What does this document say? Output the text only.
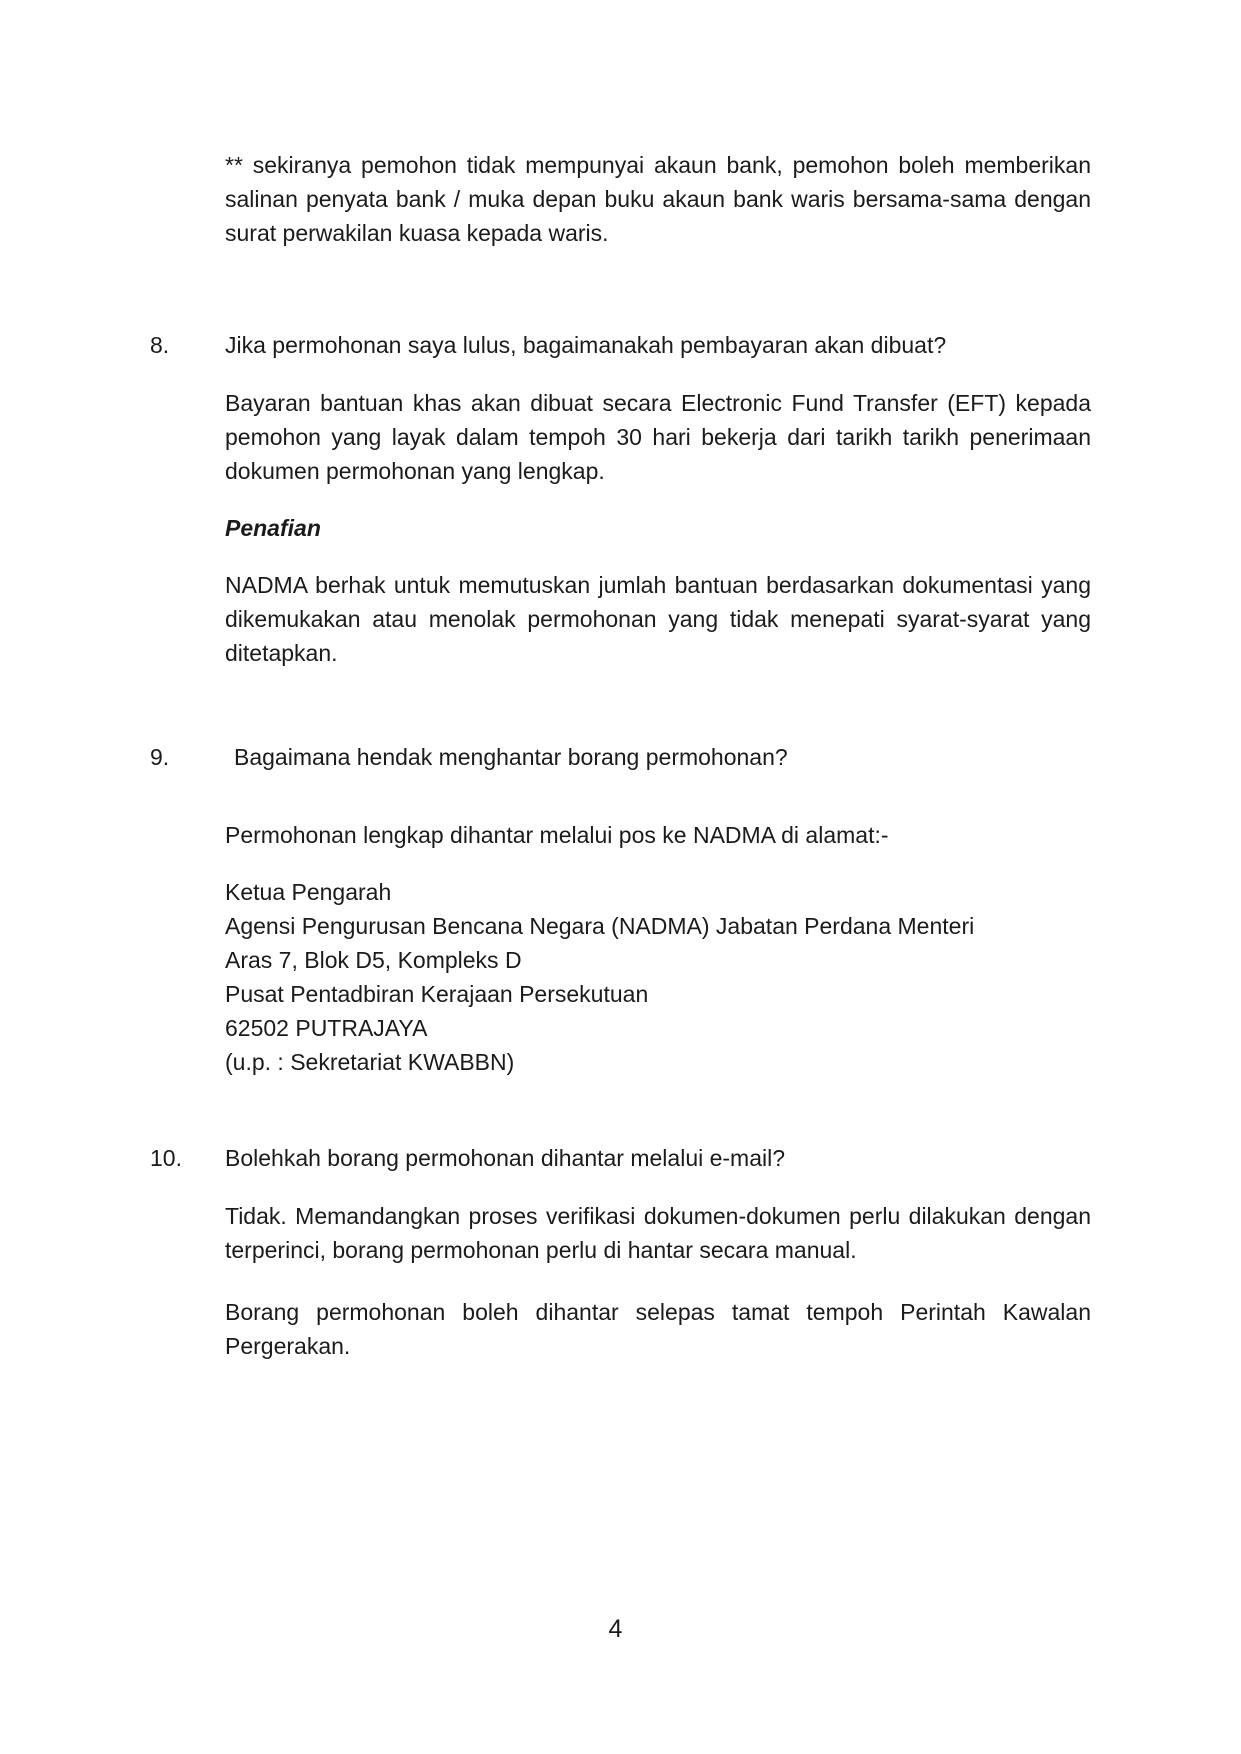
** sekiranya pemohon tidak mempunyai akaun bank, pemohon boleh memberikan salinan penyata bank / muka depan buku akaun bank waris bersama-sama dengan surat perwakilan kuasa kepada waris.

8.	Jika permohonan saya lulus, bagaimanakah pembayaran akan dibuat?

Bayaran bantuan khas akan dibuat secara Electronic Fund Transfer (EFT) kepada pemohon yang layak dalam tempoh 30 hari bekerja dari tarikh tarikh penerimaan dokumen permohonan yang lengkap.

Penafian

NADMA berhak untuk memutuskan jumlah bantuan berdasarkan dokumentasi yang dikemukakan atau menolak permohonan yang tidak menepati syarat-syarat yang ditetapkan.

9.	Bagaimana hendak menghantar borang permohonan?

Permohonan lengkap dihantar melalui pos ke NADMA di alamat:-

Ketua Pengarah
Agensi Pengurusan Bencana Negara (NADMA) Jabatan Perdana Menteri
Aras 7, Blok D5, Kompleks D
Pusat Pentadbiran Kerajaan Persekutuan
62502 PUTRAJAYA
(u.p. : Sekretariat KWABBN)
10.	Bolehkah borang permohonan dihantar melalui e-mail?

Tidak. Memandangkan proses verifikasi dokumen-dokumen perlu dilakukan dengan terperinci, borang permohonan perlu di hantar secara manual.

Borang permohonan boleh dihantar selepas tamat tempoh Perintah Kawalan Pergerakan.

4
